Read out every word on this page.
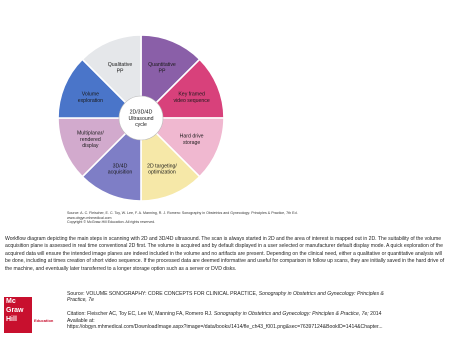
Quantitative PP
Key framed video sequence
Hard drive storage
2D targeting/ optimization
3D/4D acquisition
Multiplanar/ rendered display
Volume exploration
Qualitative PP
2D/3D/4D Ultrasound cycle
Source: A. C. Fleischer, E. C. Toy, W. Lee, F. A. Manning, R. J. Romero: Sonography in Obstetrics and Gynecology: Principles & Practice, 7th Ed.
www.obgyn.mhmedical.com
Copyright © McGraw-Hill Education. All rights reserved.
Workflow diagram depicting the main steps in scanning with 2D and 3D/4D ultrasound. The scan is always started in 2D and the area of interest is mapped out in 2D. The suitability of the volume acquisition plane is assessed in real time conventional 2D first. The volume is acquired and by default displayed in a user selected or manufacturer default display mode. A quick exploration of the acquired data will ensure the intended image planes are indeed included in the volume and no artifacts are present. Depending on the clinical need, either a qualitative or quantitative analysis will be done, including at times creation of short video sequence. If the processed data are deemed informative and useful for comparison in follow up scans, they are initially saved in the hard drive of the machine, and eventually later transferred to a longer storage option such as a server or DVD disks.
Source: VOLUME SONOGRAPHY: CORE CONCEPTS FOR CLINICAL PRACTICE, Sonography in Obstetrics and Gynecology: Principles & Practice, 7e
Citation: Fleischer AC, Toy EC, Lee W, Manning FA, Romero RJ. Sonography in Obstetrics and Gynecology: Principles & Practice, 7e; 2014
Available at:
https://obgyn.mhmedical.com/DownloadImage.aspx?image=/data/books/1414/fle_ch43_f001.png&sec=76397124&BookID=1414&Chapter...
Mc
Graw
Hill	Education
